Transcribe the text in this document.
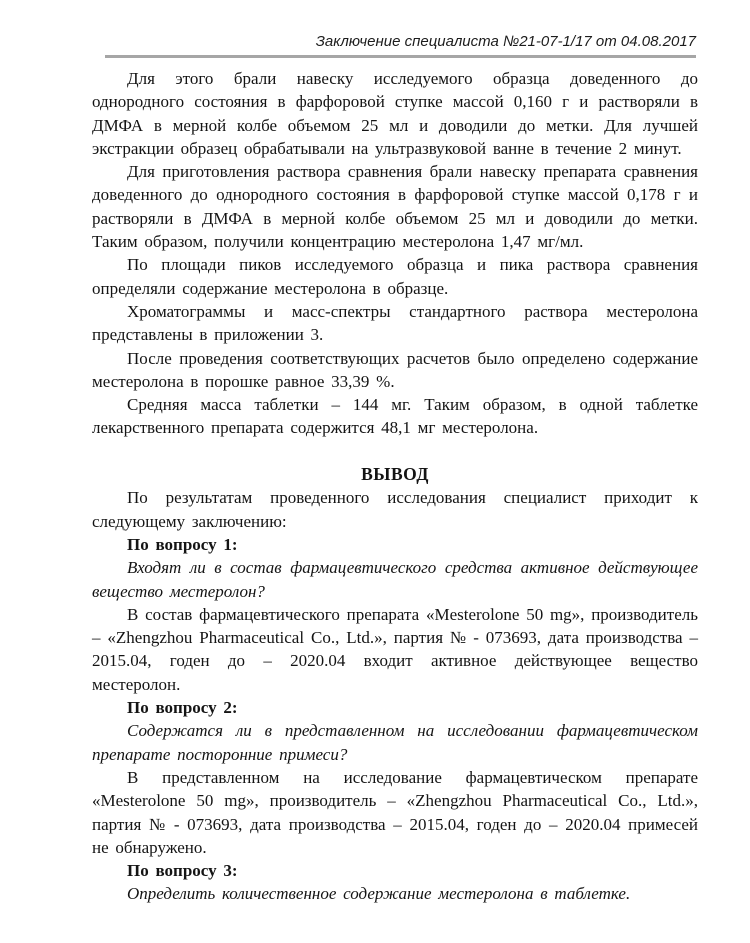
Заключение специалиста №21-07-1/17 от 04.08.2017

Для этого брали навеску исследуемого образца доведенного до однородного состояния в фарфоровой ступке массой 0,160 г и растворяли в ДМФА в мерной колбе объемом 25 мл и доводили до метки. Для лучшей экстракции образец обрабатывали на ультразвуковой ванне в течение 2 минут.

Для приготовления раствора сравнения брали навеску препарата сравнения доведенного до однородного состояния в фарфоровой ступке массой 0,178 г и растворяли в ДМФА в мерной колбе объемом 25 мл и доводили до метки. Таким образом, получили концентрацию местеролона 1,47 мг/мл.

По площади пиков исследуемого образца и пика раствора сравнения определяли содержание местеролона в образце.

Хроматограммы и масс-спектры стандартного раствора местеролона представлены в приложении 3.

После проведения соответствующих расчетов было определено содержание местеролона в порошке равное 33,39 %.

Средняя масса таблетки – 144 мг. Таким образом, в одной таблетке лекарственного препарата содержится 48,1 мг местеролона.

ВЫВОД

По результатам проведенного исследования специалист приходит к следующему заключению:

По вопросу 1:

Входят ли в состав фармацевтического средства активное действующее вещество местеролон?

В состав фармацевтического препарата «Mesterolone 50 mg», производитель – «Zhengzhou Pharmaceutical Co., Ltd.», партия № - 073693, дата производства – 2015.04, годен до – 2020.04 входит активное действующее вещество местеролон.

По вопросу 2:

Содержатся ли в представленном на исследовании фармацевтическом препарате посторонние примеси?

В представленном на исследование фармацевтическом препарате «Mesterolone 50 mg», производитель – «Zhengzhou Pharmaceutical Co., Ltd.», партия № - 073693, дата производства – 2015.04, годен до – 2020.04 примесей не обнаружено.

По вопросу 3:

Определить количественное содержание местеролона в таблетке.
